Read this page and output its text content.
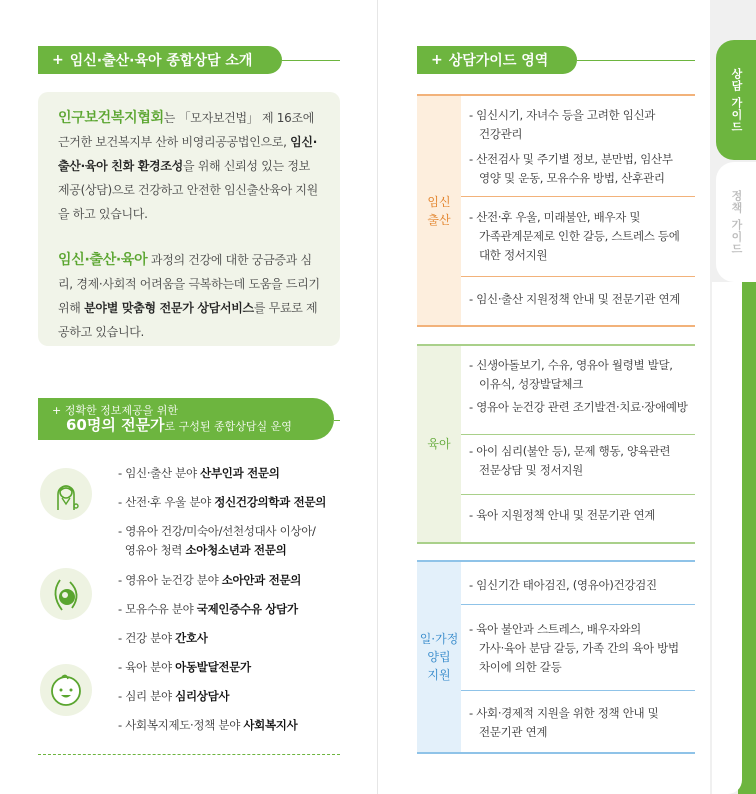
+ 임신·출산·육아 종합상담 소개

인구보건복지협회는 「모자보건법」 제 16조에 근거한 보건복지부 산하 비영리공공법인으로, 임신·출산·육아 친화 환경조성을 위해 신뢰성 있는 정보제공(상담)으로 건강하고 안전한 임신출산육아 지원을 하고 있습니다.

임신·출산·육아 과정의 건강에 대한 궁금증과 심리, 경제·사회적 어려움을 극복하는데 도움을 드리기 위해 분야별 맞춤형 전문가 상담서비스를 무료로 제공하고 있습니다.

+ 정확한 정보제공을 위한
60명의 전문가로 구성된 종합상담실 운영
- 임신·출산 분야 산부인과 전문의
- 산전·후 우울 분야 정신건강의학과 전문의
- 영유아 건강/미숙아/선천성대사 이상아/
영유아 청력 소아청소년과 전문의
- 영유아 눈건강 분야 소아안과 전문의
- 모유수유 분야 국제인증수유 상담가
- 건강 분야 간호사
- 육아 분야 아동발달전문가
- 심리 분야 심리상담사
- 사회복지제도·정책 분야 사회복지사
+ 상담가이드 영역
임신
출산
- 임신시기, 자녀수 등을 고려한 임신과
건강관리
- 산전검사 및 주기별 정보, 분만법, 임산부
영양 및 운동, 모유수유 방법, 산후관리
- 산전·후 우울, 미래불안, 배우자 및
가족관계문제로 인한 갈등, 스트레스 등에
대한 정서지원
- 임신·출산 지원정책 안내 및 전문기관 연계
육아
- 신생아돌보기, 수유, 영유아 월령별 발달,
이유식, 성장발달체크
- 영유아 눈건강 관련 조기발견·치료·장애예방
- 아이 심리(불안 등), 문제 행동, 양육관련
전문상담 및 정서지원
- 육아 지원정책 안내 및 전문기관 연계
일·가정
양립
지원
- 임신기간 태아검진, (영유아)건강검진
- 육아 불안과 스트레스, 배우자와의
가사·육아 분담 갈등, 가족 간의 육아 방법
차이에 의한 갈등
- 사회·경제적 지원을 위한 정책 안내 및
전문기관 연계
상담 가이드
정책 가이드
